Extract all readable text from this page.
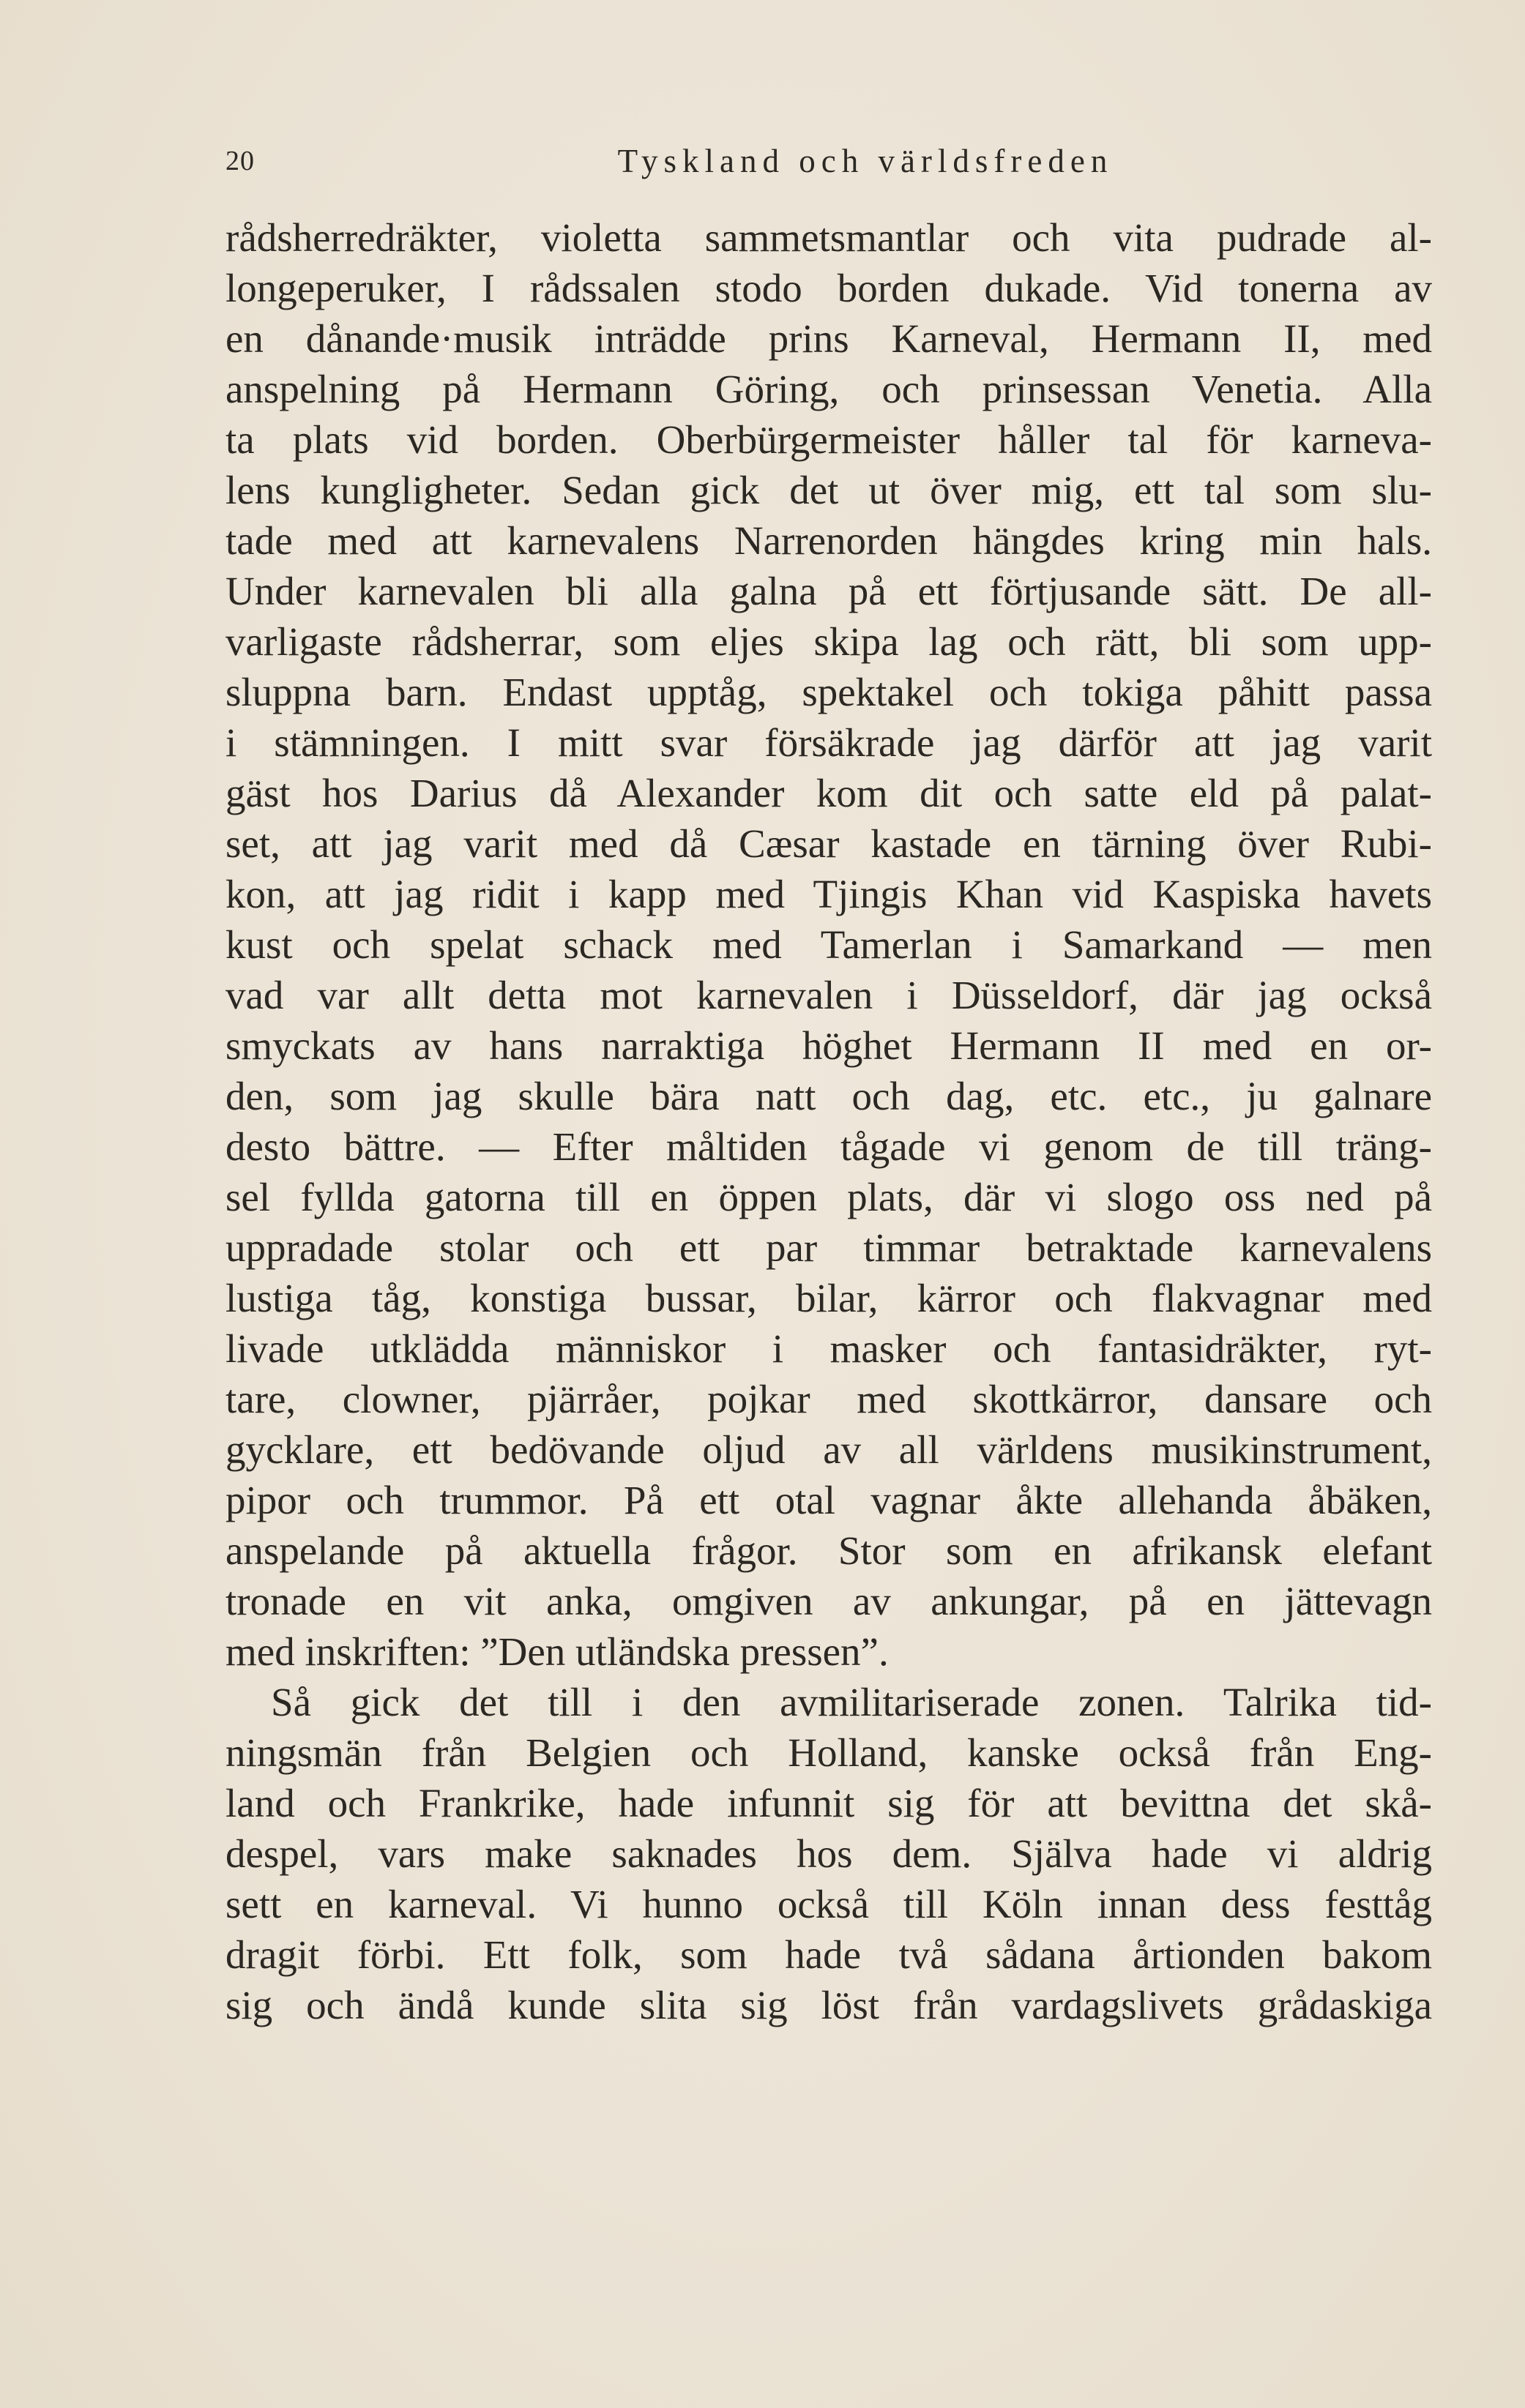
20	Tyskland och världsfreden
rådsherredräkter, violetta sammetsmantlar och vita pudrade al-
longeperuker, I rådssalen stodo borden dukade. Vid tonerna av
en dånande·musik inträdde prins Karneval, Hermann II, med
anspelning på Hermann Göring, och prinsessan Venetia. Alla
ta plats vid borden. Oberbürgermeister håller tal för karneva-
lens kungligheter. Sedan gick det ut över mig, ett tal som slu-
tade med att karnevalens Narrenorden hängdes kring min hals.
Under karnevalen bli alla galna på ett förtjusande sätt. De all-
varligaste rådsherrar, som eljes skipa lag och rätt, bli som upp-
sluppna barn. Endast upptåg, spektakel och tokiga påhitt passa
i stämningen. I mitt svar försäkrade jag därför att jag varit
gäst hos Darius då Alexander kom dit och satte eld på palat-
set, att jag varit med då Cæsar kastade en tärning över Rubi-
kon, att jag ridit i kapp med Tjingis Khan vid Kaspiska havets
kust och spelat schack med Tamerlan i Samarkand — men
vad var allt detta mot karnevalen i Düsseldorf, där jag också
smyckats av hans narraktiga höghet Hermann II med en or-
den, som jag skulle bära natt och dag, etc. etc., ju galnare
desto bättre. — Efter måltiden tågade vi genom de till träng-
sel fyllda gatorna till en öppen plats, där vi slogo oss ned på
uppradade stolar och ett par timmar betraktade karnevalens
lustiga tåg, konstiga bussar, bilar, kärror och flakvagnar med
livade utklädda människor i masker och fantasidräkter, ryt-
tare, clowner, pjärråer, pojkar med skottkärror, dansare och
gycklare, ett bedövande oljud av all världens musikinstrument,
pipor och trummor. På ett otal vagnar åkte allehanda åbäken,
anspelande på aktuella frågor. Stor som en afrikansk elefant
tronade en vit anka, omgiven av ankungar, på en jättevagn
med inskriften: ”Den utländska pressen”.
Så gick det till i den avmilitariserade zonen. Talrika tid-
ningsmän från Belgien och Holland, kanske också från Eng-
land och Frankrike, hade infunnit sig för att bevittna det skå-
despel, vars make saknades hos dem. Själva hade vi aldrig
sett en karneval. Vi hunno också till Köln innan dess festtåg
dragit förbi. Ett folk, som hade två sådana årtionden bakom
sig och ändå kunde slita sig löst från vardagslivets grådaskiga
